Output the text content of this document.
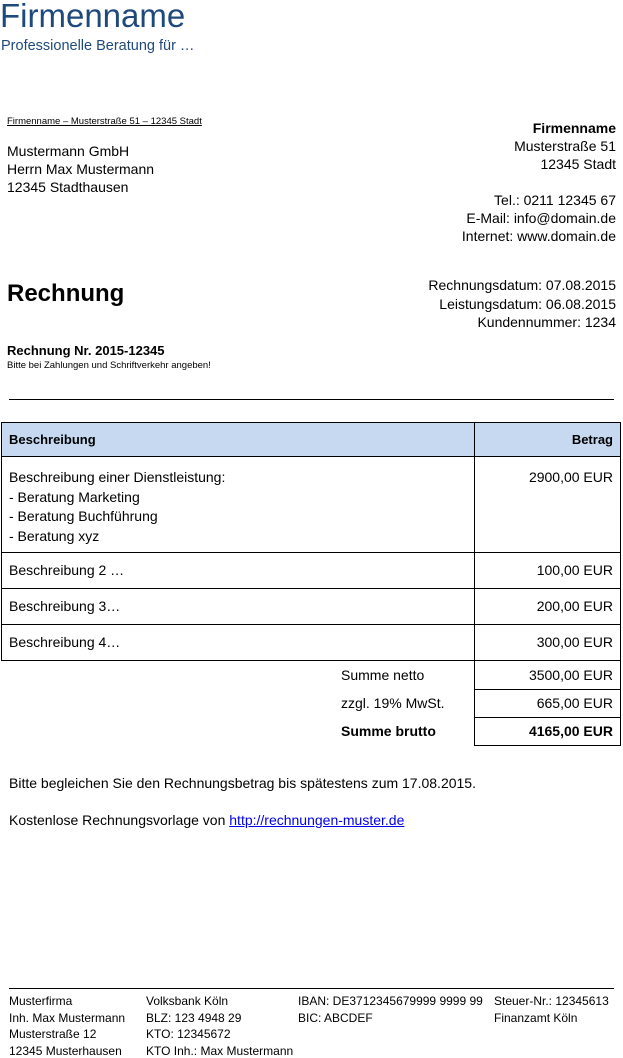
Firmenname
Professionelle Beratung für …
Firmenname – Musterstraße 51 – 12345 Stadt
Mustermann GmbH
Herrn Max Mustermann
12345 Stadthausen
Firmenname
Musterstraße 51
12345 Stadt
Tel.: 0211 12345 67
E-Mail: info@domain.de
Internet: www.domain.de
Rechnung	Rechnungsdatum: 07.08.2015
Leistungsdatum: 06.08.2015
Kundennummer: 1234
Rechnung Nr. 2015-12345
Bitte bei Zahlungen und Schriftverkehr angeben!
Beschreibung	Betrag

Beschreibung einer Dienstleistung:
- Beratung Marketing
- Beratung Buchführung
- Beratung xyz	2900,00 EUR
Beschreibung 2 …	100,00 EUR
Beschreibung 3…	200,00 EUR
Beschreibung 4…	300,00 EUR
Summe netto	3500,00 EUR
zzgl. 19% MwSt.	665,00 EUR
Summe brutto	4165,00 EUR
Bitte begleichen Sie den Rechnungsbetrag bis spätestens zum 17.08.2015.
Kostenlose Rechnungsvorlage von http://rechnungen-muster.de
Musterfirma
Inh. Max Mustermann
Musterstraße 12
12345 Musterhausen
Volksbank Köln
BLZ: 123 4948 29
KTO: 12345672
KTO Inh.: Max Mustermann
IBAN: DE3712345679999 9999 99
BIC: ABCDEF
Steuer-Nr.: 12345613
Finanzamt Köln
